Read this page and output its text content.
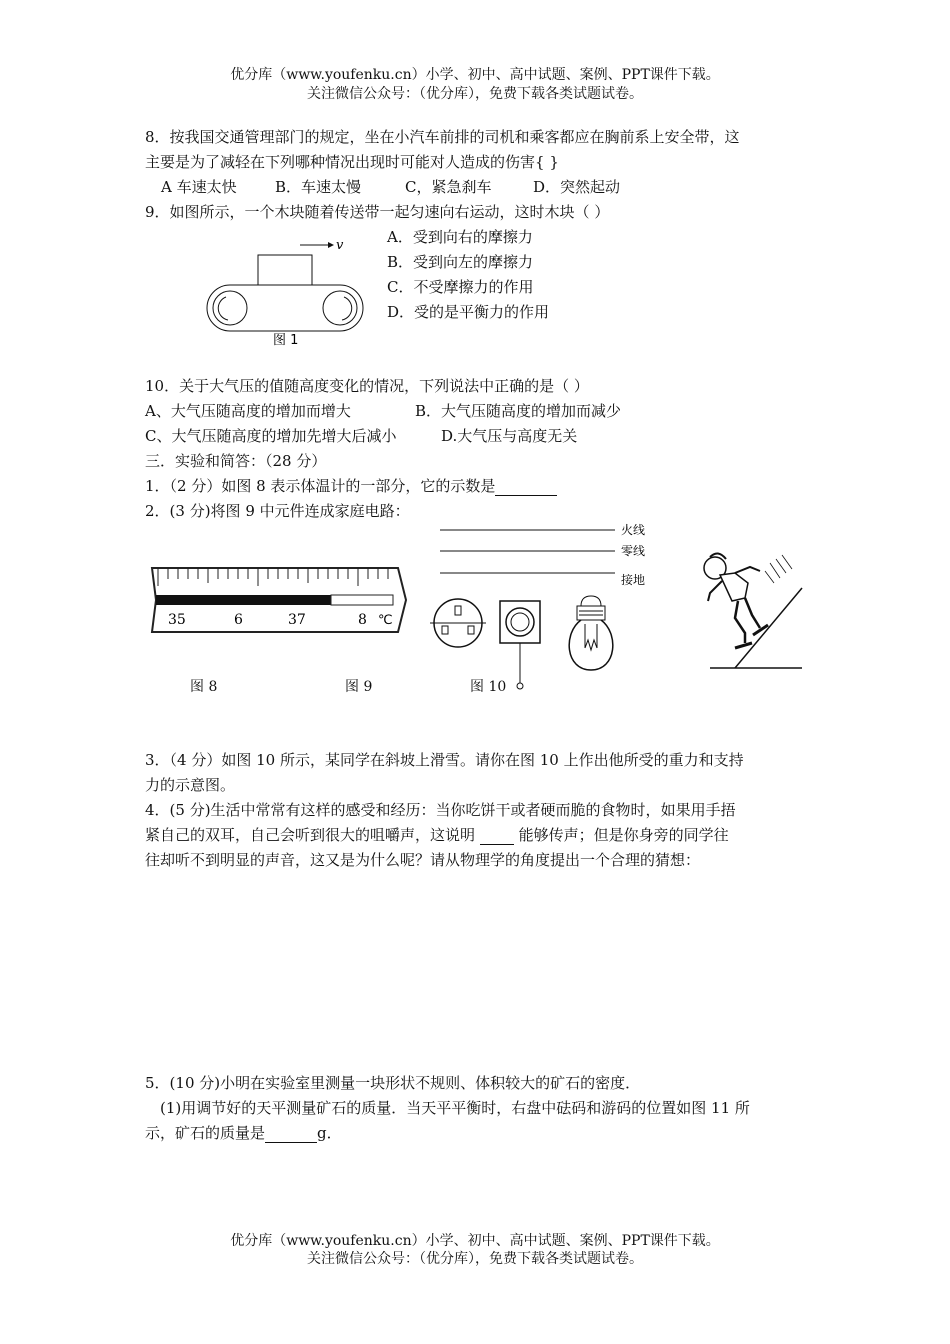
优分库（www.youfenku.cn）小学、初中、高中试题、案例、PPT课件下载。
关注微信公众号：（优分库），免费下载各类试题试卷。
8．按我国交通管理部门的规定，坐在小汽车前排的司机和乘客都应在胸前系上安全带，这
主要是为了减轻在下列哪种情况出现时可能对人造成的伤害{ }
A 车速太快	B．车速太慢	C，紧急刹车	D．突然起动
9．如图所示，一个木块随着传送带一起匀速向右运动，这时木块（ ）
A．受到向右的摩擦力
B．受到向左的摩擦力
C．不受摩擦力的作用
D．受的是平衡力的作用
v
图 1
10．关于大气压的值随高度变化的情况，下列说法中正确的是（ ）
A、大气压随高度的增加而增大	B．大气压随高度的增加而减少
C、大气压随高度的增加先增大后减小	D.大气压与高度无关
三．实验和简答：（28 分）
1．（2 分）如图 8 表示体温计的一部分，它的示数是
2．(3 分)将图 9 中元件连成家庭电路：
35	6	37	8 ℃
火线
零线
接地
图 8	图 9	图 10
3．（4 分）如图 10 所示，某同学在斜坡上滑雪。请你在图 10 上作出他所受的重力和支持
力的示意图。
4．(5 分)生活中常常有这样的感受和经历：当你吃饼干或者硬而脆的食物时，如果用手捂
紧自己的双耳，自己会听到很大的咀嚼声，这说明	能够传声；但是你身旁的同学往
往却听不到明显的声音，这又是为什么呢？请从物理学的角度提出一个合理的猜想：
5．(10 分)小明在实验室里测量一块形状不规则、体积较大的矿石的密度．
(1)用调节好的天平测量矿石的质量．当天平平衡时，右盘中砝码和游码的位置如图 11 所
示，矿石的质量是	g．
优分库（www.youfenku.cn）小学、初中、高中试题、案例、PPT课件下载。
关注微信公众号：（优分库），免费下载各类试题试卷。
